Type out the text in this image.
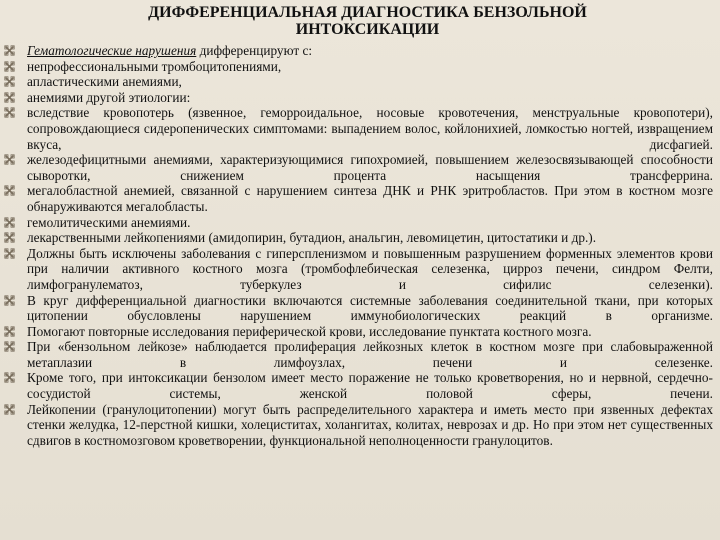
ДИФФЕРЕНЦИАЛЬНАЯ ДИАГНОСТИКА БЕНЗОЛЬНОЙ
ИНТОКСИКАЦИИ
Гематологические нарушения дифференцируют с:
непрофессиональными тромбоцитопениями,
апластическими анемиями,
анемиями другой этиологии:
вследствие кровопотерь (язвенное, геморроидальное, носовые кровотечения, менструальные кровопотери), сопровождающиеся сидеропенических симптомами: выпадением волос, койлонихией, ломкостью ногтей, извращением вкуса, дисфагией.
железодефицитными анемиями, характеризующимися гипохромией, повышением железосвязывающей способности сыворотки, снижением процента насыщения трансферрина.
мегалобластной анемией, связанной с нарушением синтеза ДНК и РНК эритробластов. При этом в костном мозге обнаруживаются мегалобласты.
гемолитическими анемиями.
лекарственными лейкопениями (амидопирин, бутадион, анальгин, левомицетин, цитостатики и др.).
Должны быть исключены заболевания с гиперспленизмом и повышенным разрушением форменных элементов крови при наличии активного костного мозга (тромбофлебическая селезенка, цирроз печени, синдром Фелти, лимфогранулематоз, туберкулез и сифилис селезенки).
В круг дифференциальной диагностики включаются системные заболевания соединительной ткани, при которых цитопении обусловлены нарушением иммунобиологических реакций в организме.
Помогают повторные исследования периферической крови, исследование пунктата костного мозга.
При «бензольном лейкозе» наблюдается пролиферация лейкозных клеток в костном мозге при слабовыраженной метаплазии в лимфоузлах, печени и селезенке.
Кроме того, при интоксикации бензолом имеет место поражение не только кроветворения, но и нервной, сердечно-сосудистой системы, женской половой сферы, печени.
Лейкопении (гранулоцитопении) могут быть распределительного характера и иметь место при язвенных дефектах стенки желудка, 12-перстной кишки, холециститах, холангитах, колитах, неврозах и др. Но при этом нет существенных сдвигов в костномозговом кроветворении, функциональной неполноценности гранулоцитов.
